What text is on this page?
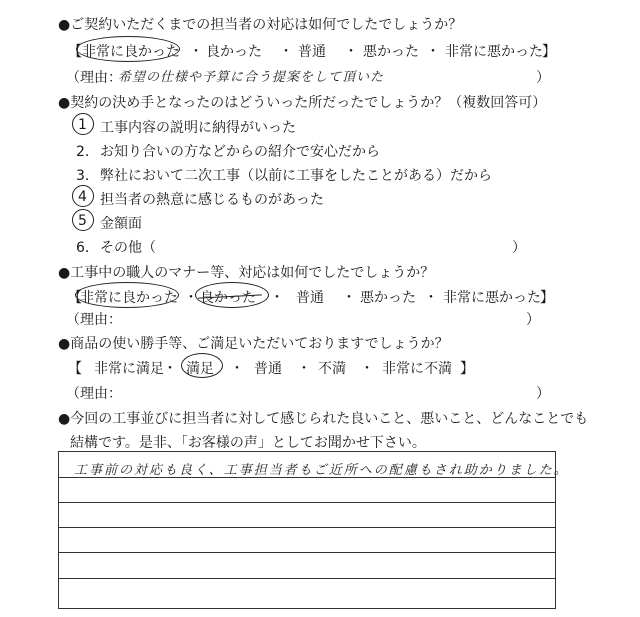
●ご契約いただくまでの担当者の対応は如何でしたでしょうか？
【 非常に良かった ・ 良かった ・ 普通 ・ 悪かった ・ 非常に悪かった 】
（理由：
希望の仕様や予算に合う提案をして頂いた	）
●契約の決め手となったのはどういった所だったでしょうか？（複数回答可）
1 工事内容の説明に納得がいった
2． お知り合いの方などからの紹介で安心だから
3． 弊社において二次工事（以前に工事をしたことがある）だから
4 担当者の熱意に感じるものがあった
5 金額面
6． その他（	）
●工事中の職人のマナー等、対応は如何でしたでしょうか？
【
非常に良かった ・ 良かった ・ 普通 ・ 悪かった ・ 非常に悪かった 】
（理由：	）
●商品の使い勝手等、ご満足いただいておりますでしょうか？
【 非常に満足 ・ 満足 ・ 普通 ・ 不満 ・ 非常に不満 】
（理由：	）
●今回の工事並びに担当者に対して感じられた良いこと、悪いこと、どんなことでも
結構です。是非、「お客様の声」としてお聞かせ下さい。
工事前の対応も良く、工事担当者もご近所への配慮もされ助かりました。
